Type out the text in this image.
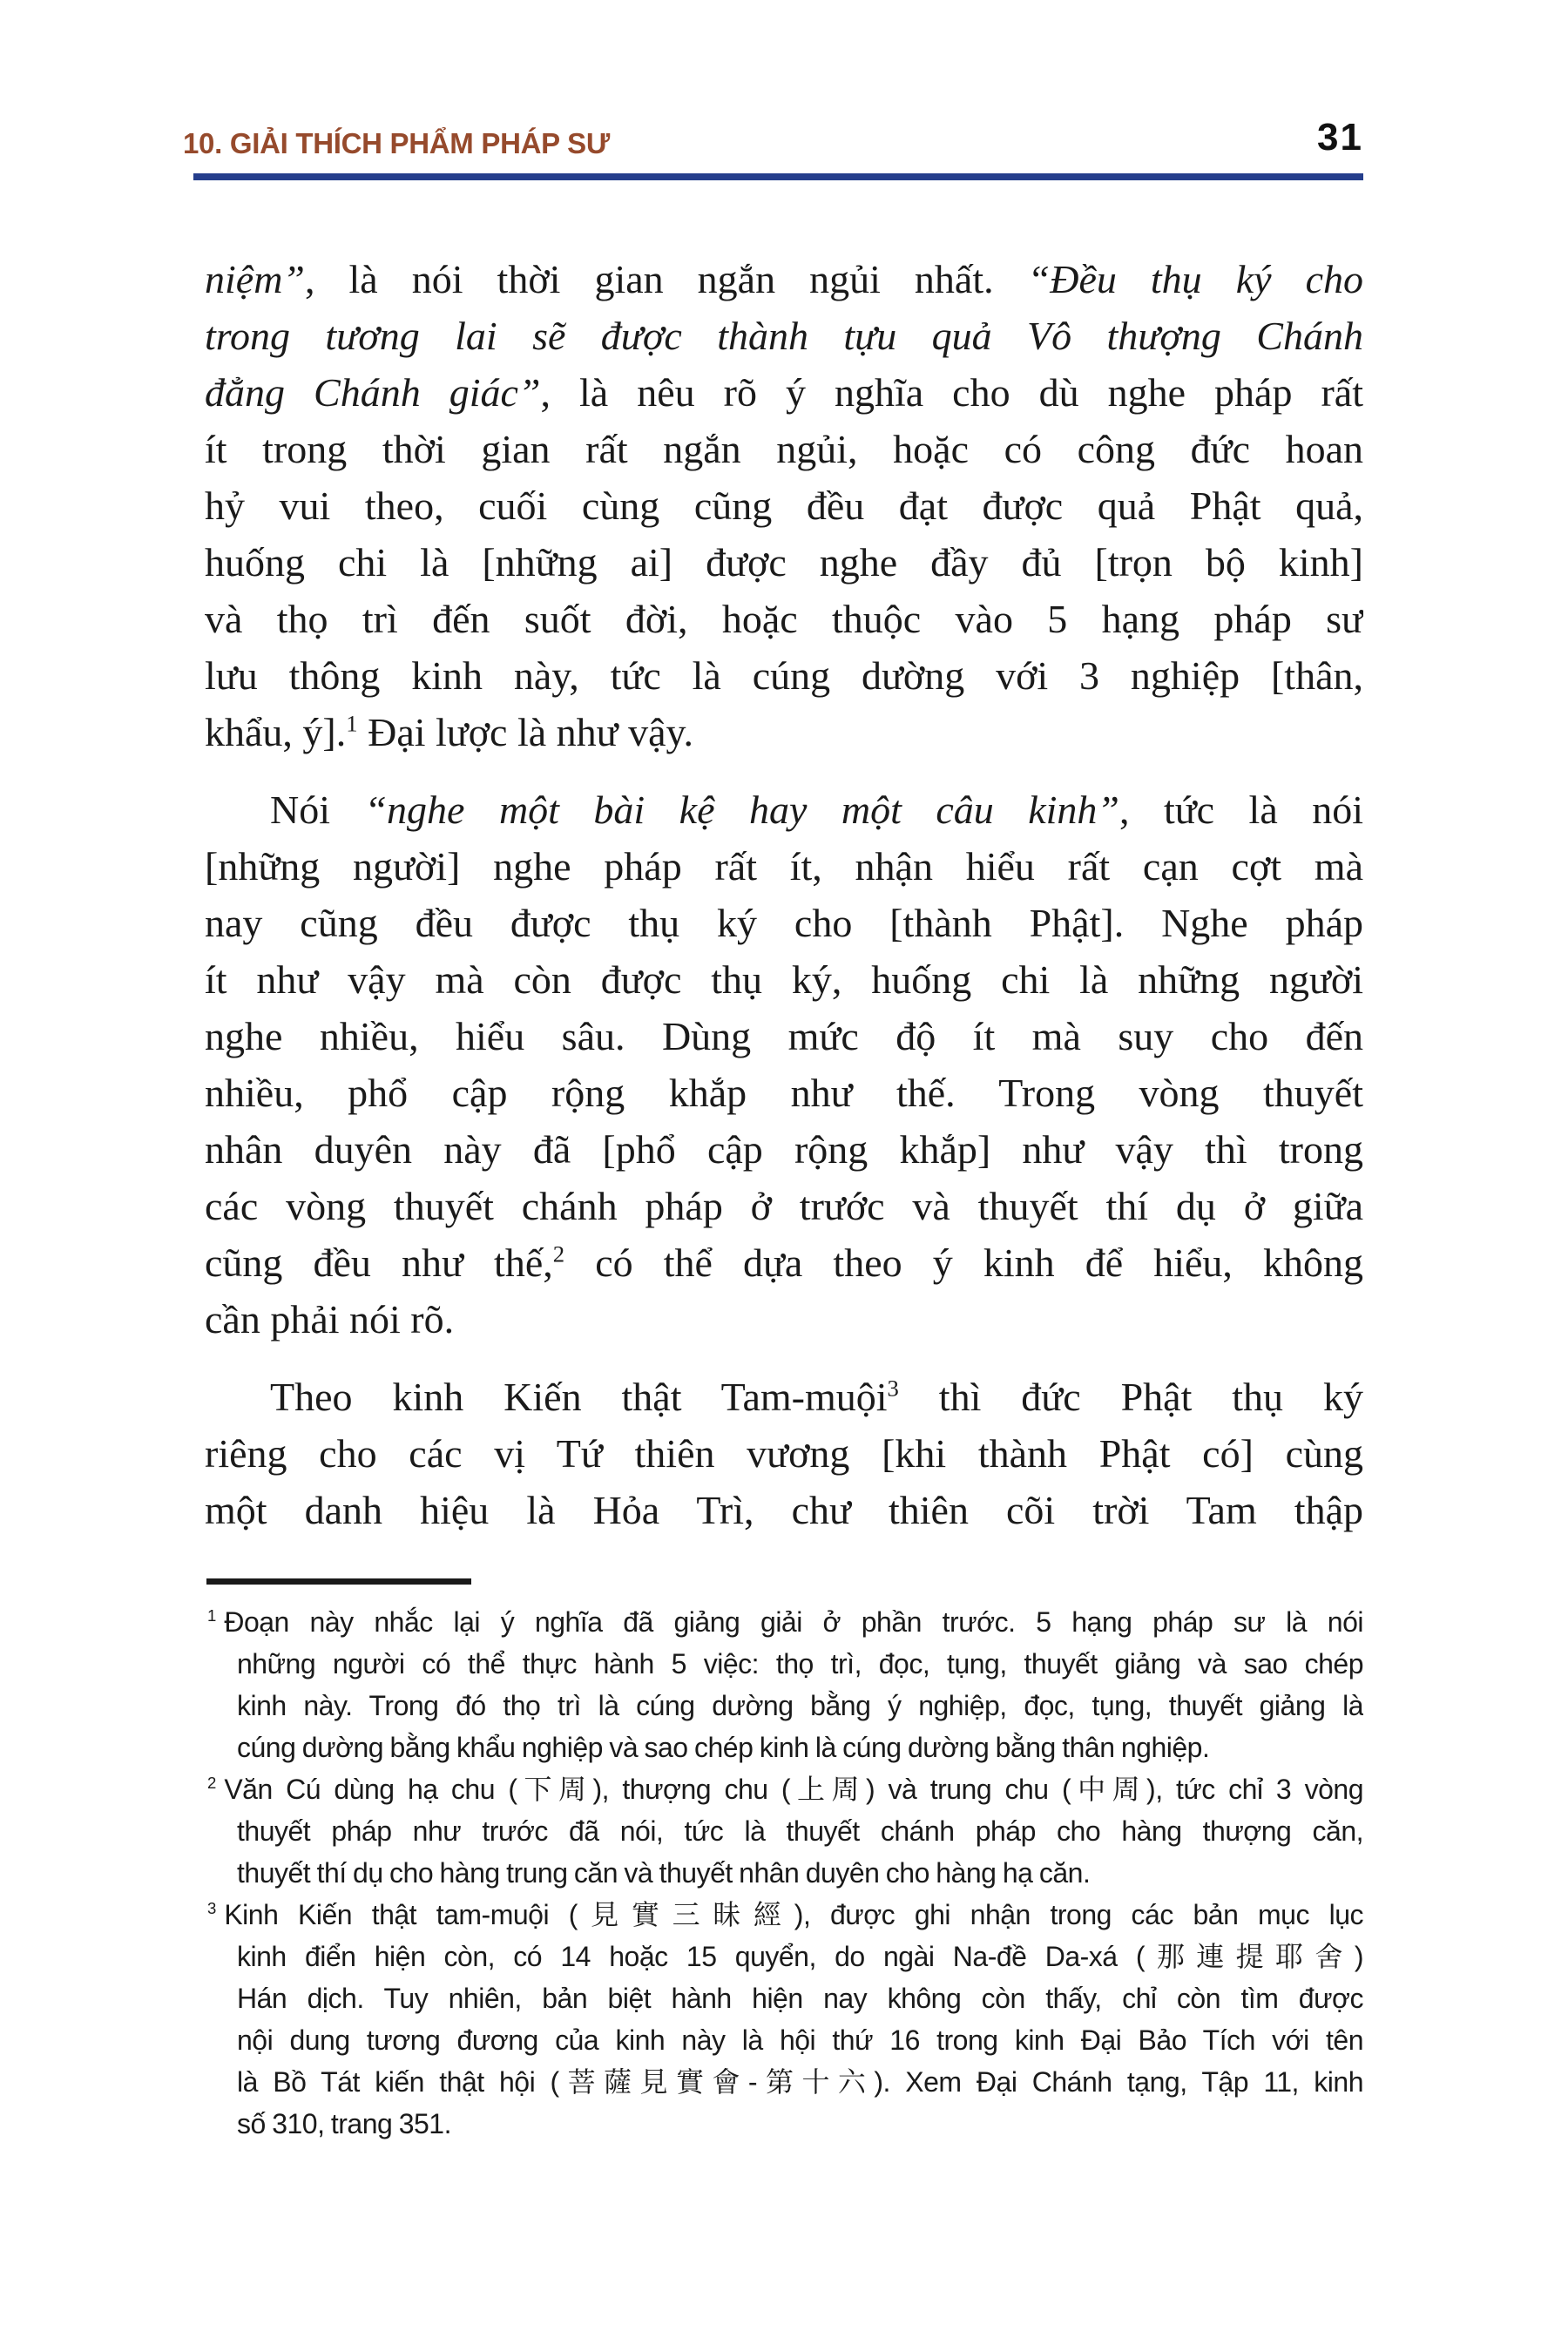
10. GIẢI THÍCH PHẨM PHÁP SƯ	31
niệm”, là nói thời gian ngắn ngủi nhất. “Đều thụ ký cho
trong tương lai sẽ được thành tựu quả Vô thượng Chánh
đẳng Chánh giác”, là nêu rõ ý nghĩa cho dù nghe pháp rất
ít trong thời gian rất ngắn ngủi, hoặc có công đức hoan
hỷ vui theo, cuối cùng cũng đều đạt được quả Phật quả,
huống chi là [những ai] được nghe đầy đủ [trọn bộ kinh]
và thọ trì đến suốt đời, hoặc thuộc vào 5 hạng pháp sư
lưu thông kinh này, tức là cúng dường với 3 nghiệp [thân,
khẩu, ý].$^1$ Đại lược là như vậy.
Nói “nghe một bài kệ hay một câu kinh”, tức là nói
[những người] nghe pháp rất ít, nhận hiểu rất cạn cợt mà
nay cũng đều được thụ ký cho [thành Phật]. Nghe pháp
ít như vậy mà còn được thụ ký, huống chi là những người
nghe nhiều, hiểu sâu. Dùng mức độ ít mà suy cho đến
nhiều, phổ cập rộng khắp như thế. Trong vòng thuyết
nhân duyên này đã [phổ cập rộng khắp] như vậy thì trong
các vòng thuyết chánh pháp ở trước và thuyết thí dụ ở giữa
cũng đều như thế,$^2$ có thể dựa theo ý kinh để hiểu, không
cần phải nói rõ.
Theo kinh Kiến thật Tam-muội$^3$ thì đức Phật thụ ký
riêng cho các vị Tứ thiên vương [khi thành Phật có] cùng
một danh hiệu là Hỏa Trì, chư thiên cõi trời Tam thập
$^1$ Đoạn này nhắc lại ý nghĩa đã giảng giải ở phần trước. 5 hạng pháp sư là nói
những người có thể thực hành 5 việc: thọ trì, đọc, tụng, thuyết giảng và sao chép
kinh này. Trong đó thọ trì là cúng dường bằng ý nghiệp, đọc, tụng, thuyết giảng là
cúng dường bằng khẩu nghiệp và sao chép kinh là cúng dường bằng thân nghiệp.
$^2$ Văn Cú dùng hạ chu (下周), thượng chu (上周) và trung chu (中周), tức chỉ 3 vòng
thuyết pháp như trước đã nói, tức là thuyết chánh pháp cho hàng thượng căn,
thuyết thí dụ cho hàng trung căn và thuyết nhân duyên cho hàng hạ căn.
$^3$ Kinh Kiến thật tam-muội (見實三昧經), được ghi nhận trong các bản mục lục
kinh điển hiện còn, có 14 hoặc 15 quyển, do ngài Na-đề Da-xá (那連提耶舍)
Hán dịch. Tuy nhiên, bản biệt hành hiện nay không còn thấy, chỉ còn tìm được
nội dung tương đương của kinh này là hội thứ 16 trong kinh Đại Bảo Tích với tên
là Bồ Tát kiến thật hội (菩薩見實會-第十六). Xem Đại Chánh tạng, Tập 11, kinh
số 310, trang 351.
